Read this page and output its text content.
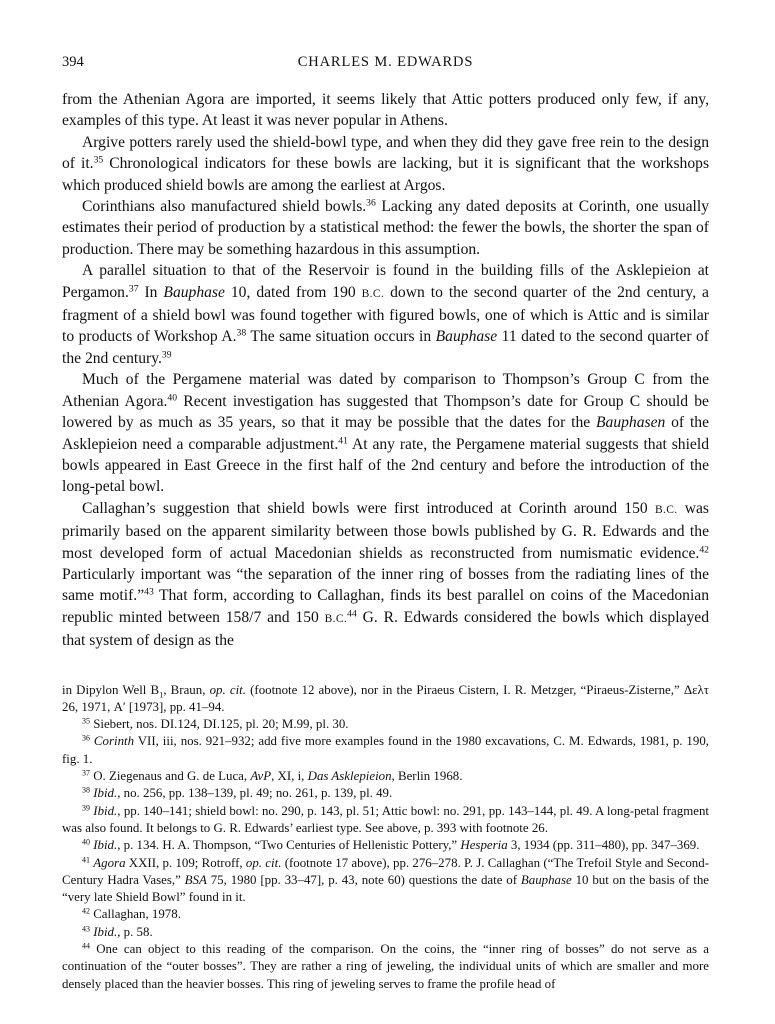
394	CHARLES M. EDWARDS

from the Athenian Agora are imported, it seems likely that Attic potters produced only few, if any, examples of this type. At least it was never popular in Athens.

Argive potters rarely used the shield-bowl type, and when they did they gave free rein to the design of it.$^{35}$ Chronological indicators for these bowls are lacking, but it is significant that the workshops which produced shield bowls are among the earliest at Argos.

Corinthians also manufactured shield bowls.$^{36}$ Lacking any dated deposits at Corinth, one usually estimates their period of production by a statistical method: the fewer the bowls, the shorter the span of production. There may be something hazardous in this assumption.

A parallel situation to that of the Reservoir is found in the building fills of the Asklepieion at Pergamon.$^{37}$ In Bauphase 10, dated from 190 B.C. down to the second quarter of the 2nd century, a fragment of a shield bowl was found together with figured bowls, one of which is Attic and is similar to products of Workshop A.$^{38}$ The same situation occurs in Bauphase 11 dated to the second quarter of the 2nd century.$^{39}$

Much of the Pergamene material was dated by comparison to Thompson’s Group C from the Athenian Agora.$^{40}$ Recent investigation has suggested that Thompson’s date for Group C should be lowered by as much as 35 years, so that it may be possible that the dates for the Bauphasen of the Asklepieion need a comparable adjustment.$^{41}$ At any rate, the Pergamene material suggests that shield bowls appeared in East Greece in the first half of the 2nd century and before the introduction of the long-petal bowl.

Callaghan’s suggestion that shield bowls were first introduced at Corinth around 150 B.C. was primarily based on the apparent similarity between those bowls published by G. R. Edwards and the most developed form of actual Macedonian shields as reconstructed from numismatic evidence.$^{42}$ Particularly important was “the separation of the inner ring of bosses from the radiating lines of the same motif.”$^{43}$ That form, according to Callaghan, finds its best parallel on coins of the Macedonian republic minted between 158/7 and 150 B.C.$^{44}$ G. R. Edwards considered the bowls which displayed that system of design as the

in Dipylon Well $B_1$, Braun, op. cit. (footnote 12 above), nor in the Piraeus Cistern, I. R. Metzger, “Piraeus-Zisterne,” Δελτ 26, 1971, A′ [1973], pp. 41–94.

$^{35}$ Siebert, nos. DI.124, DI.125, pl. 20; M.99, pl. 30.

$^{36}$ Corinth VII, iii, nos. 921–932; add five more examples found in the 1980 excavations, C. M. Edwards, 1981, p. 190, fig. 1.

$^{37}$ O. Ziegenaus and G. de Luca, AvP, XI, i, Das Asklepieion, Berlin 1968.

$^{38}$ Ibid., no. 256, pp. 138–139, pl. 49; no. 261, p. 139, pl. 49.

$^{39}$ Ibid., pp. 140–141; shield bowl: no. 290, p. 143, pl. 51; Attic bowl: no. 291, pp. 143–144, pl. 49. A long-petal fragment was also found. It belongs to G. R. Edwards’ earliest type. See above, p. 393 with footnote 26.

$^{40}$ Ibid., p. 134. H. A. Thompson, “Two Centuries of Hellenistic Pottery,” Hesperia 3, 1934 (pp. 311–480), pp. 347–369.

$^{41}$ Agora XXII, p. 109; Rotroff, op. cit. (footnote 17 above), pp. 276–278. P. J. Callaghan (“The Trefoil Style and Second-Century Hadra Vases,” BSA 75, 1980 [pp. 33–47], p. 43, note 60) questions the date of Bauphase 10 but on the basis of the “very late Shield Bowl” found in it.

$^{42}$ Callaghan, 1978.

$^{43}$ Ibid., p. 58.

$^{44}$ One can object to this reading of the comparison. On the coins, the “inner ring of bosses” do not serve as a continuation of the “outer bosses”. They are rather a ring of jeweling, the individual units of which are smaller and more densely placed than the heavier bosses. This ring of jeweling serves to frame the profile head of
